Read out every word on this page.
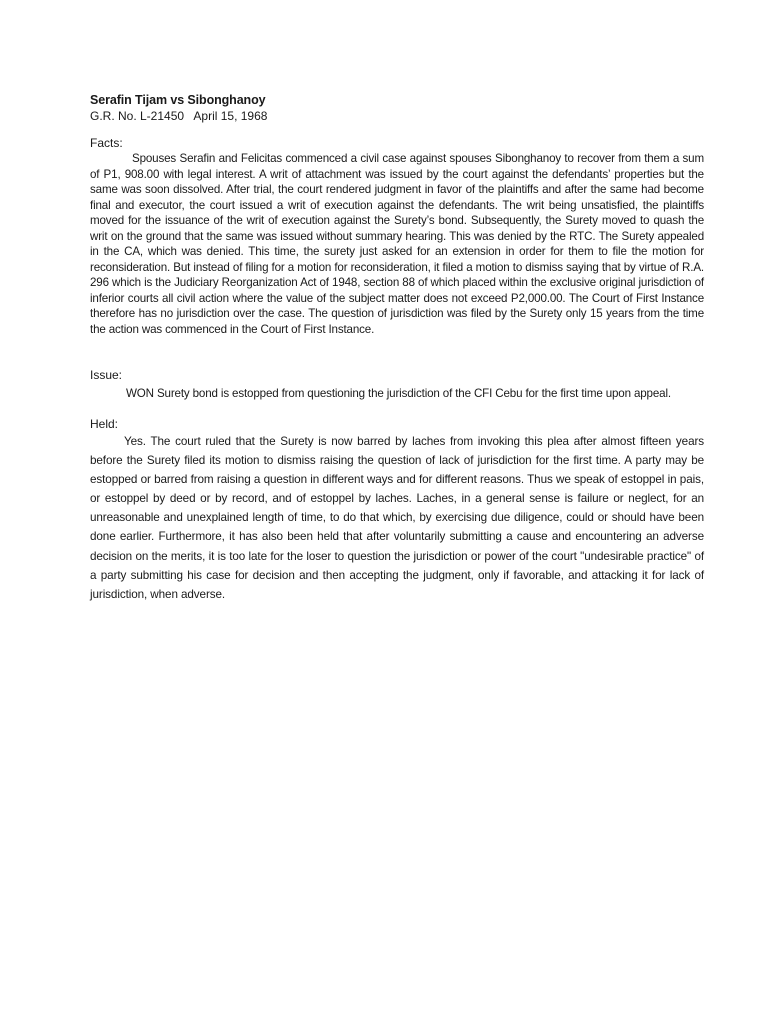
Serafin Tijam vs Sibonghanoy

G.R. No. L-21450   April 15, 1968

Facts:

Spouses Serafin and Felicitas commenced a civil case against spouses Sibonghanoy to recover from them a sum of P1, 908.00 with legal interest. A writ of attachment was issued by the court against the defendants’ properties but the same was soon dissolved. After trial, the court rendered judgment in favor of the plaintiffs and after the same had become final and executor, the court issued a writ of execution against the defendants. The writ being unsatisfied, the plaintiffs moved for the issuance of the writ of execution against the Surety’s bond. Subsequently, the Surety moved to quash the writ on the ground that the same was issued without summary hearing. This was denied by the RTC. The Surety appealed in the CA, which was denied. This time, the surety just asked for an extension in order for them to file the motion for reconsideration. But instead of filing for a motion for reconsideration, it filed a motion to dismiss saying that by virtue of R.A. 296 which is the Judiciary Reorganization Act of 1948, section 88 of which placed within the exclusive original jurisdiction of inferior courts all civil action where the value of the subject matter does not exceed P2,000.00. The Court of First Instance therefore has no jurisdiction over the case. The question of jurisdiction was filed by the Surety only 15 years from the time the action was commenced in the Court of First Instance.

Issue:

WON Surety bond is estopped from questioning the jurisdiction of the CFI Cebu for the first time upon appeal.

Held:

Yes. The court ruled that the Surety is now barred by laches from invoking this plea after almost fifteen years before the Surety filed its motion to dismiss raising the question of lack of jurisdiction for the first time. A party may be estopped or barred from raising a question in different ways and for different reasons. Thus we speak of estoppel in pais, or estoppel by deed or by record, and of estoppel by laches. Laches, in a general sense is failure or neglect, for an unreasonable and unexplained length of time, to do that which, by exercising due diligence, could or should have been done earlier. Furthermore, it has also been held that after voluntarily submitting a cause and encountering an adverse decision on the merits, it is too late for the loser to question the jurisdiction or power of the court "undesirable practice" of a party submitting his case for decision and then accepting the judgment, only if favorable, and attacking it for lack of jurisdiction, when adverse.
